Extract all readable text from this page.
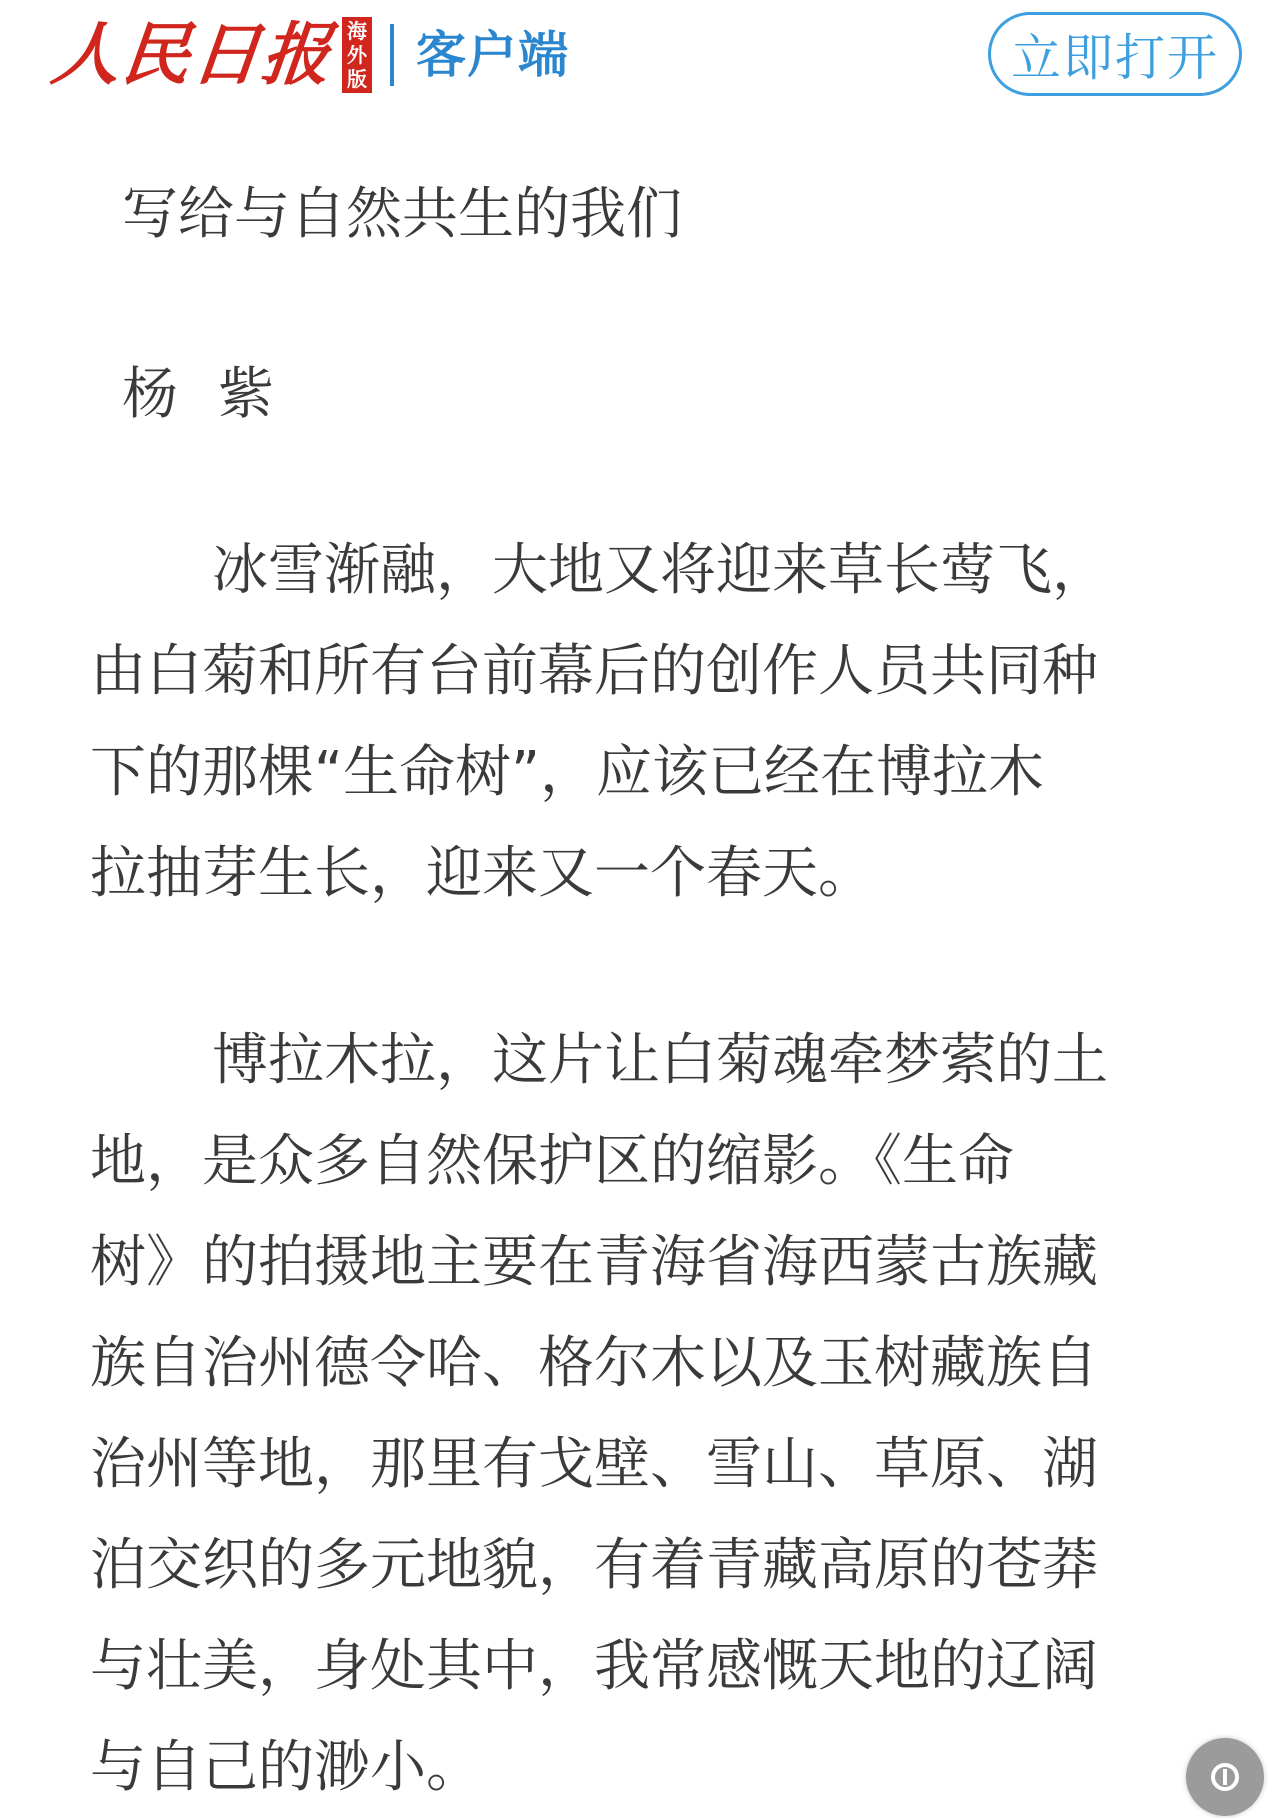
人民日报 海
外
版 客户端	立即打开
写给与自然共生的我们
杨紫
冰雪渐融，大地又将迎来草长莺飞，
由白菊和所有台前幕后的创作人员共同种
下的那棵“生命树”，应该已经在博拉木
拉抽芽生长，迎来又一个春天。
博拉木拉，这片让白菊魂牵梦萦的土
地，是众多自然保护区的缩影。《生命
树》的拍摄地主要在青海省海西蒙古族藏
族自治州德令哈、格尔木以及玉树藏族自
治州等地，那里有戈壁、雪山、草原、湖
泊交织的多元地貌，有着青藏高原的苍莽
与壮美，身处其中，我常感慨天地的辽阔
与自己的渺小。
